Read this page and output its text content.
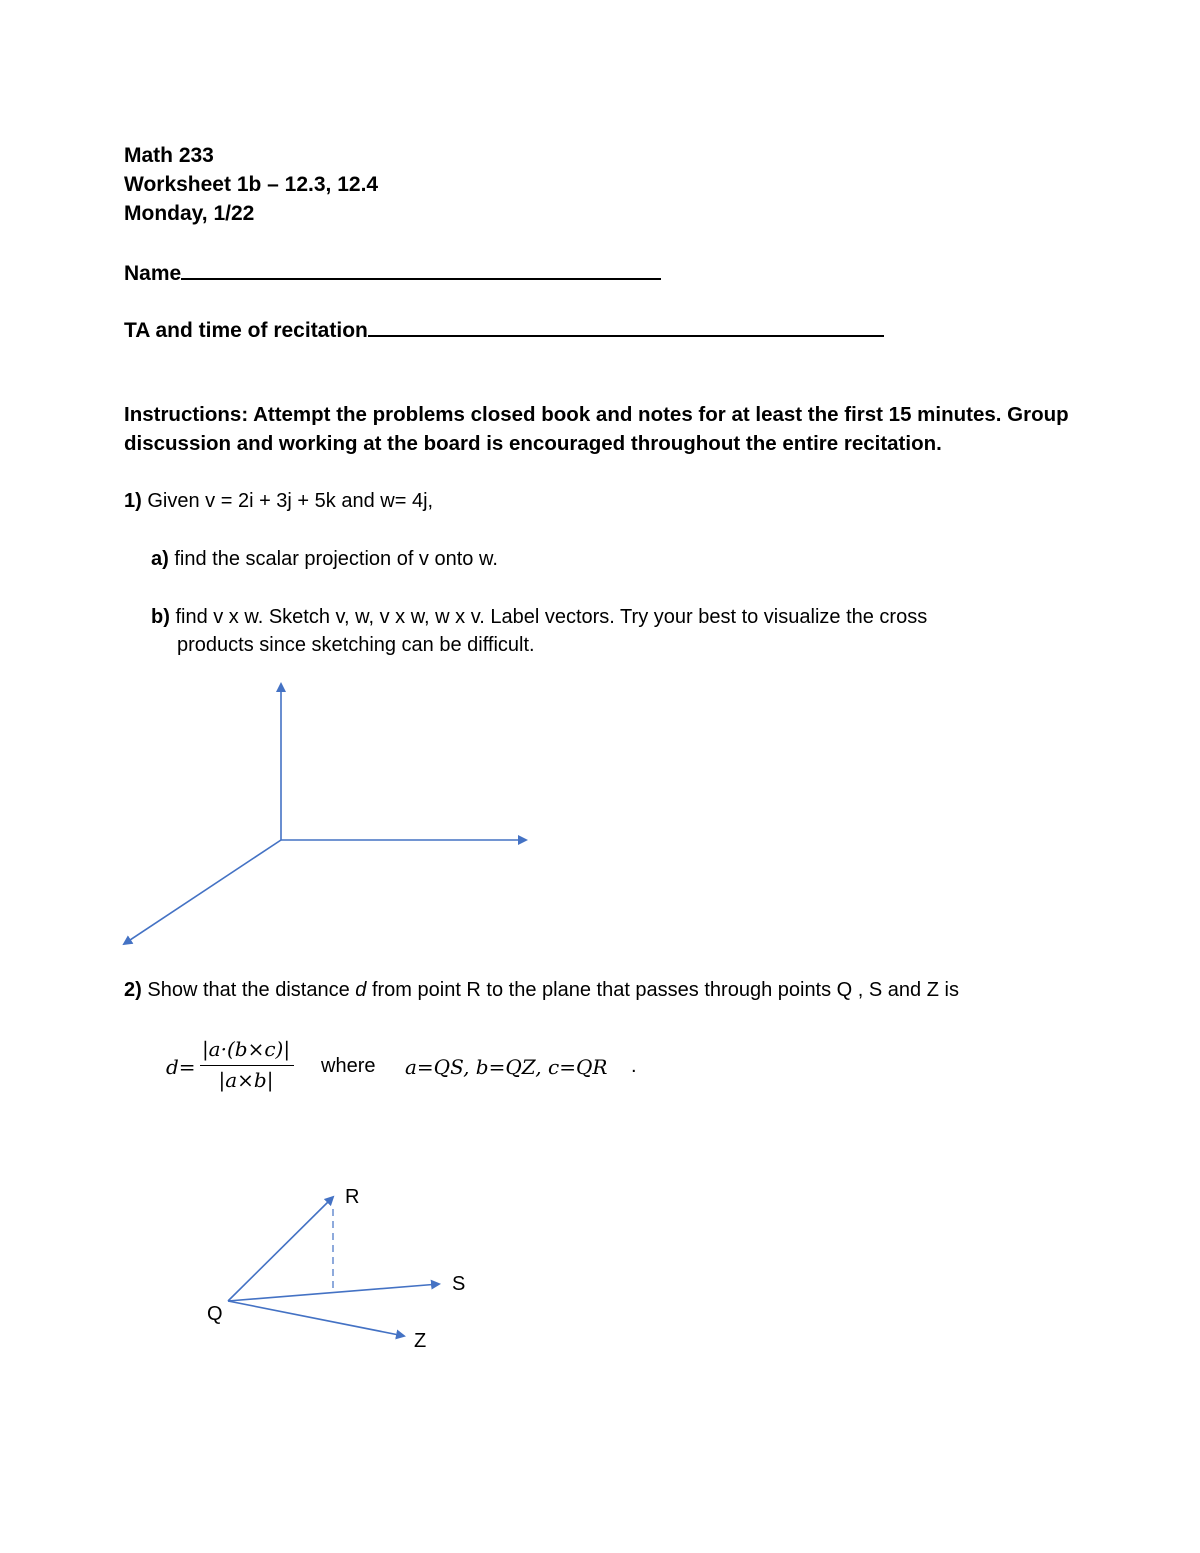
Math 233
Worksheet 1b – 12.3, 12.4
Monday, 1/22
Name
TA and time of recitation
Instructions: Attempt the problems closed book and notes for at least the first 15 minutes. Group
discussion and working at the board is encouraged throughout the entire recitation.
1) Given v = 2i + 3j + 5k and w= 4j,
a) find the scalar projection of v onto w.
b) find v x w. Sketch v, w, v x w, w x v. Label vectors. Try your best to visualize the cross
products since sketching can be difficult.
2) Show that the distance d from point R to the plane that passes through points Q , S and Z is
d=
|a·(b×c)|
|a×b|
where a=QS, b=QZ, c=QR .
R
S
Q
Z
